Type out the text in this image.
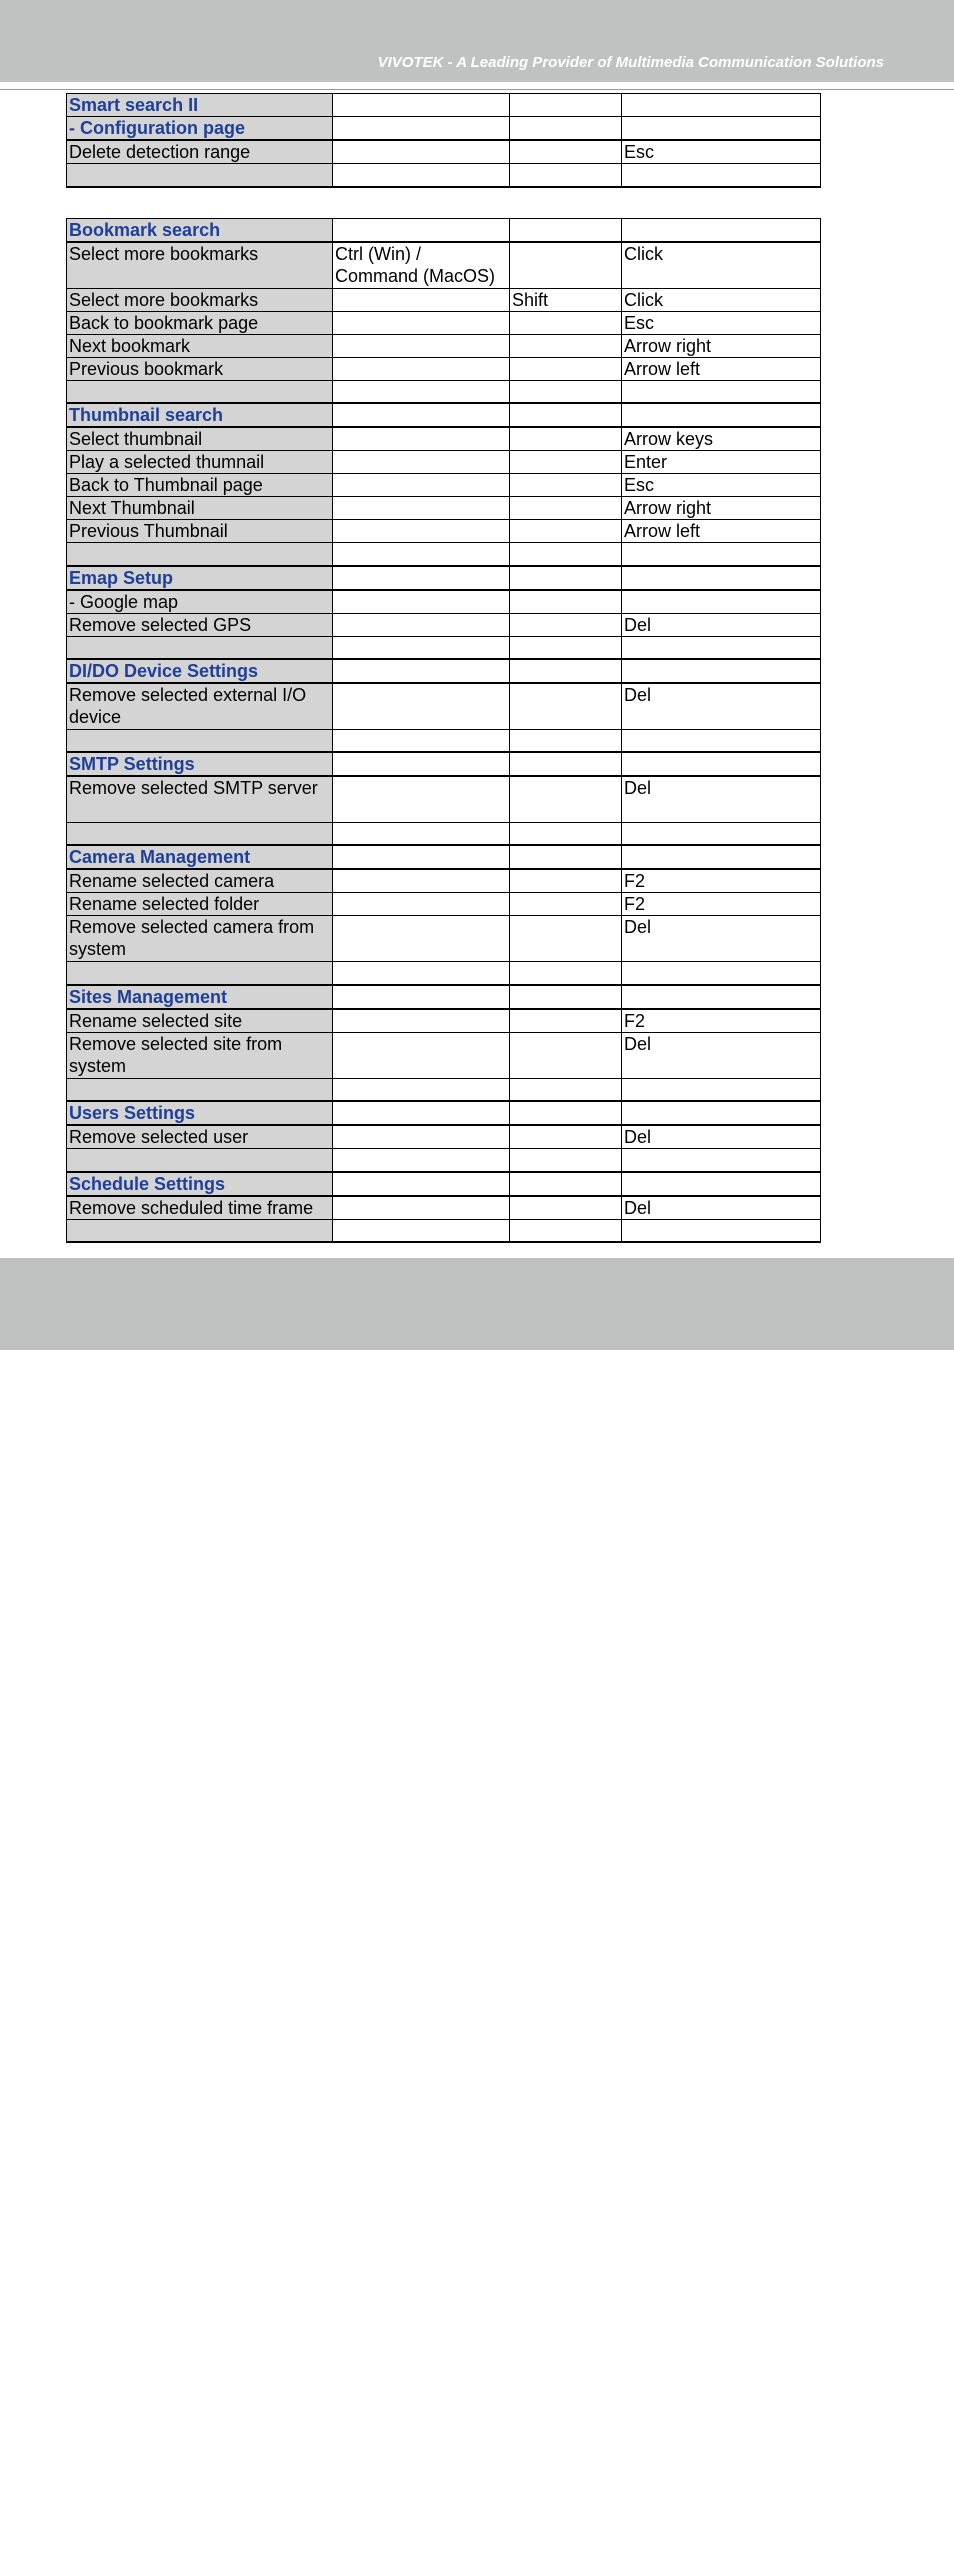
VIVOTEK - A Leading Provider of Multimedia Communication Solutions
Smart search II			
- Configuration page			
Delete detection range			Esc

Bookmark search			
Select more bookmarks	Ctrl (Win) / Command (MacOS)		Click
Select more bookmarks		Shift	Click
Back to bookmark page			Esc
Next bookmark			Arrow right
Previous bookmark			Arrow left

Thumbnail search			
Select thumbnail			Arrow keys
Play a selected thumnail			Enter
Back to Thumbnail page			Esc
Next Thumbnail			Arrow right
Previous Thumbnail			Arrow left

Emap Setup			
- Google map			
Remove selected GPS			Del

DI/DO Device Settings			
Remove selected external I/O device			Del

SMTP Settings			
Remove selected SMTP server			Del

Camera Management			
Rename selected camera			F2
Rename selected folder			F2
Remove selected camera from system			Del

Sites Management			
Rename selected site			F2
Remove selected site from system			Del

Users Settings			
Remove selected user			Del

Schedule Settings			
Remove scheduled time frame			Del

User's Manual - 87
